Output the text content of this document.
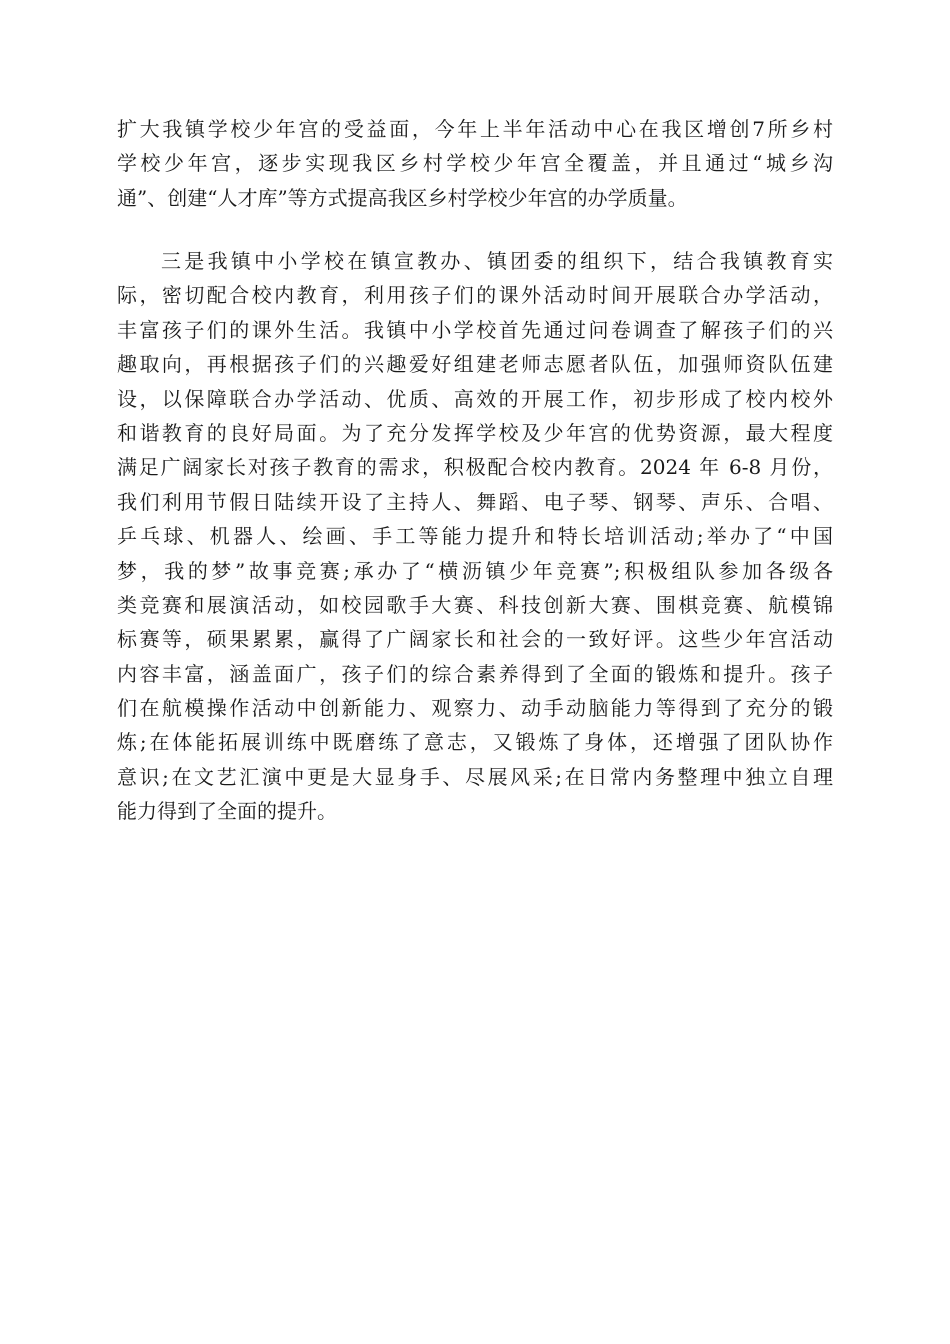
扩大我镇学校少年宫的受益面，今年上半年活动中心在我区增创7所乡村
学校少年宫，逐步实现我区乡村学校少年宫全覆盖，并且通过“城乡沟
通”、创建“人才库”等方式提高我区乡村学校少年宫的办学质量。
三是我镇中小学校在镇宣教办、镇团委的组织下，结合我镇教育实
际，密切配合校内教育，利用孩子们的课外活动时间开展联合办学活动，
丰富孩子们的课外生活。我镇中小学校首先通过问卷调查了解孩子们的兴
趣取向，再根据孩子们的兴趣爱好组建老师志愿者队伍，加强师资队伍建
设，以保障联合办学活动、优质、高效的开展工作，初步形成了校内校外
和谐教育的良好局面。为了充分发挥学校及少年宫的优势资源，最大程度
满足广阔家长对孩子教育的需求，积极配合校内教育。2024 年 6-8 月份，
我们利用节假日陆续开设了主持人、舞蹈、电子琴、钢琴、声乐、合唱、
乒乓球、机器人、绘画、手工等能力提升和特长培训活动;举办了“中国
梦，我的梦”故事竞赛;承办了“横沥镇少年竞赛”;积极组队参加各级各
类竞赛和展演活动，如校园歌手大赛、科技创新大赛、围棋竞赛、航模锦
标赛等，硕果累累，赢得了广阔家长和社会的一致好评。这些少年宫活动
内容丰富，涵盖面广，孩子们的综合素养得到了全面的锻炼和提升。孩子
们在航模操作活动中创新能力、观察力、动手动脑能力等得到了充分的锻
炼;在体能拓展训练中既磨练了意志，又锻炼了身体，还增强了团队协作
意识;在文艺汇演中更是大显身手、尽展风采;在日常内务整理中独立自理
能力得到了全面的提升。
